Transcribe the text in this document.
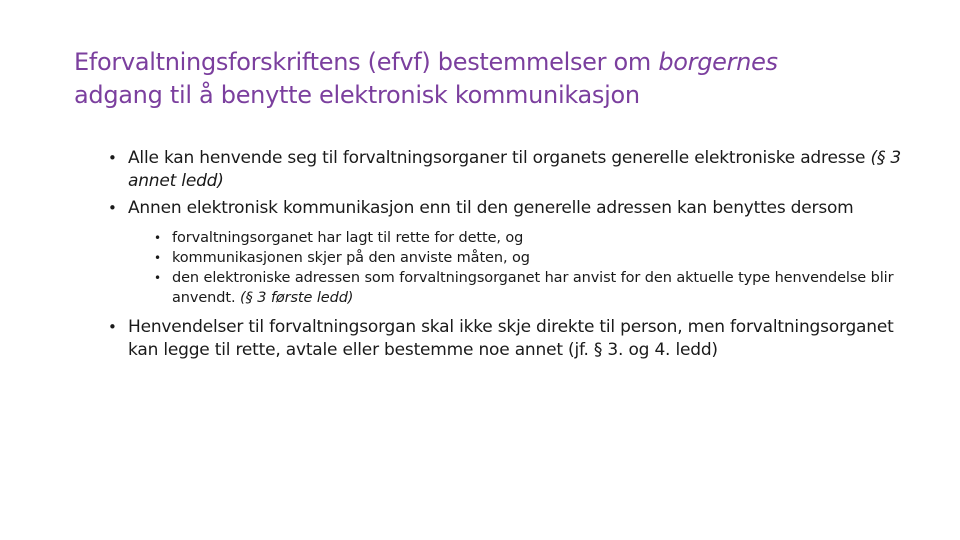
Eforvaltningsforskriftens (efvf) bestemmelser om borgernes
adgang til å benytte elektronisk kommunikasjon
• Alle kan henvende seg til forvaltningsorganer til organets generelle elektroniske adresse (§ 3 annet ledd)
• Annen elektronisk kommunikasjon enn til den generelle adressen kan benyttes dersom
• forvaltningsorganet har lagt til rette for dette, og
• kommunikasjonen skjer på den anviste måten, og
• den elektroniske adressen som forvaltningsorganet har anvist for den aktuelle type henvendelse blir anvendt. (§ 3 første ledd)
• Henvendelser til forvaltningsorgan skal ikke skje direkte til person, men forvaltningsorganet kan legge til rette, avtale eller bestemme noe annet (jf. § 3. og 4. ledd)
